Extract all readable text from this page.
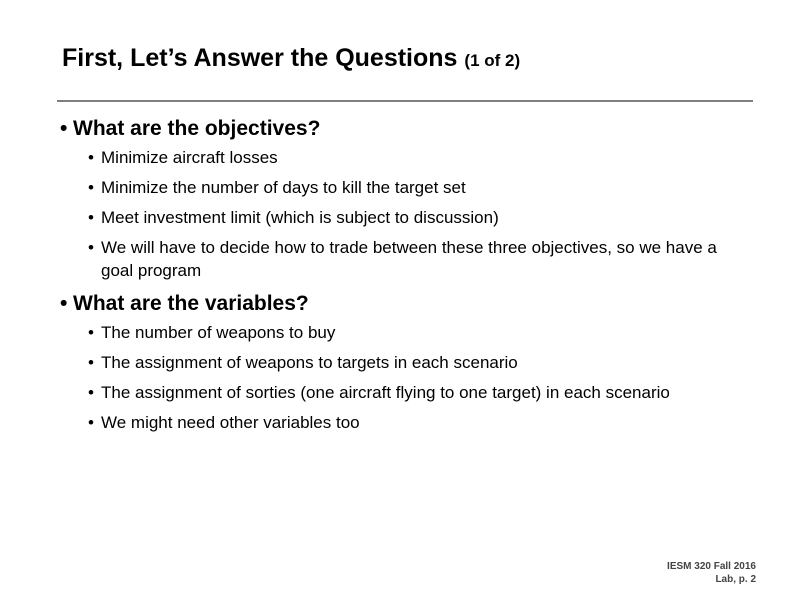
First, Let’s Answer the Questions (1 of 2)
• What are the objectives?
• Minimize aircraft losses
• Minimize the number of days to kill the target set
• Meet investment limit (which is subject to discussion)
• We will have to decide how to trade between these three objectives, so we have a goal program
• What are the variables?
• The number of weapons to buy
• The assignment of weapons to targets in each scenario
• The assignment of sorties (one aircraft flying to one target) in each scenario
• We might need other variables too
IESM 320 Fall 2016
Lab, p. 2
